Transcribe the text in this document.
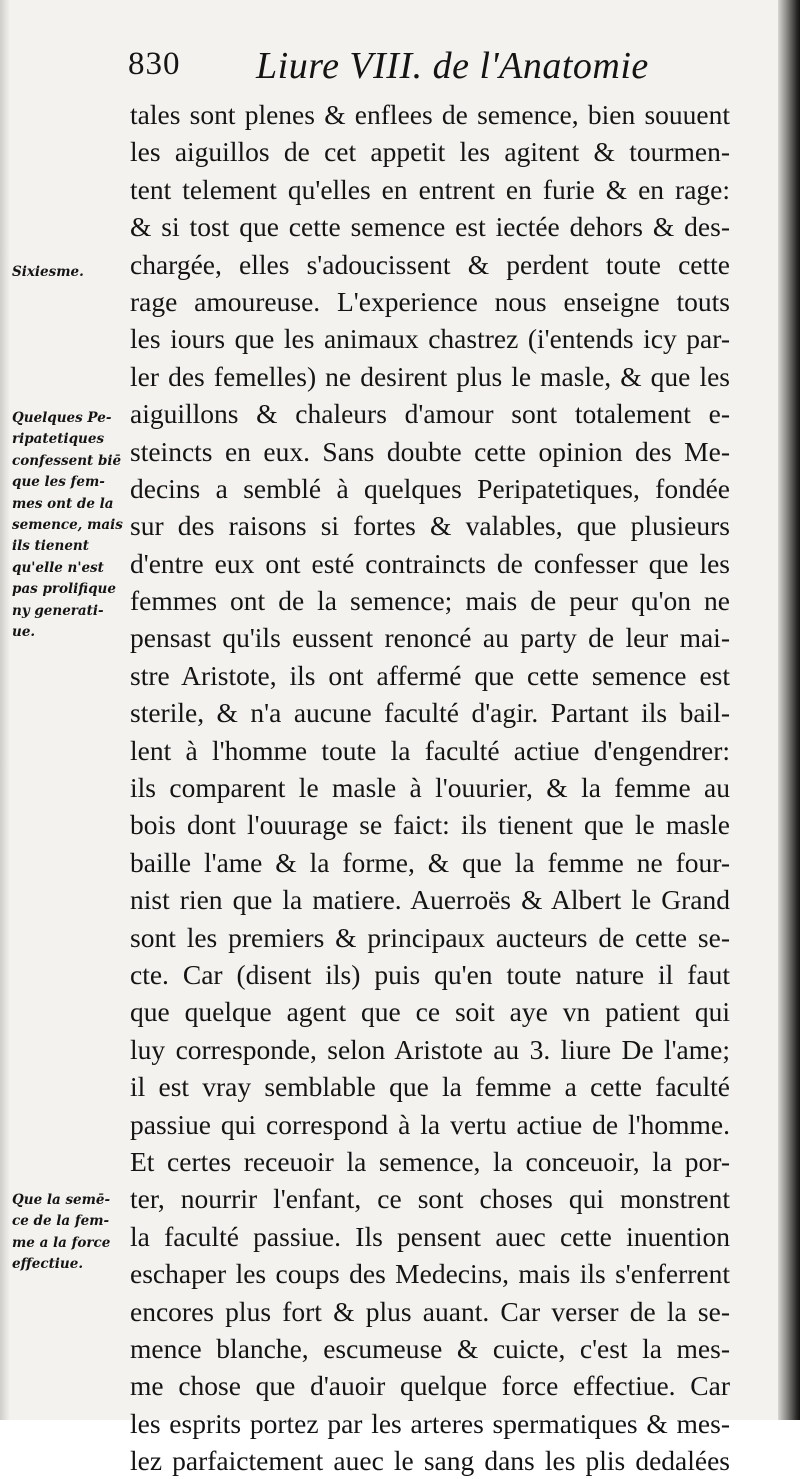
830 Liure VIII. de l'Anatomie
tales sont plenes & enflees de semence, bien souuent
les aiguillos de cet appetit les agitent & tourmen-
tent telement qu'elles en entrent en furie & en rage:
& si tost que cette semence est iectée dehors & des-
chargée, elles s'adoucissent & perdent toute cette
rage amoureuse. L'experience nous enseigne touts
les iours que les animaux chastrez (i'entends icy par-
ler des femelles) ne desirent plus le masle, & que les
aiguillons & chaleurs d'amour sont totalement e-
steincts en eux. Sans doubte cette opinion des Me-
decins a semblé à quelques Peripatetiques, fondée
sur des raisons si fortes & valables, que plusieurs
d'entre eux ont esté contraincts de confesser que les
femmes ont de la semence; mais de peur qu'on ne
pensast qu'ils eussent renoncé au party de leur mai-
stre Aristote, ils ont affermé que cette semence est
sterile, & n'a aucune faculté d'agir. Partant ils bail-
lent à l'homme toute la faculté actiue d'engendrer:
ils comparent le masle à l'ouurier, & la femme au
bois dont l'ouurage se faict: ils tienent que le masle
baille l'ame & la forme, & que la femme ne four-
nist rien que la matiere. Auerroës & Albert le Grand
sont les premiers & principaux aucteurs de cette se-
cte. Car (disent ils) puis qu'en toute nature il faut
que quelque agent que ce soit aye vn patient qui
luy corresponde, selon Aristote au 3. liure De l'ame;
il est vray semblable que la femme a cette faculté
passiue qui correspond à la vertu actiue de l'homme.
Et certes receuoir la semence, la conceuoir, la por-
ter, nourrir l'enfant, ce sont choses qui monstrent
la faculté passiue. Ils pensent auec cette inuention
eschaper les coups des Medecins, mais ils s'enferrent
encores plus fort & plus auant. Car verser de la se-
mence blanche, escumeuse & cuicte, c'est la mes-
me chose que d'auoir quelque force effectiue. Car
les esprits portez par les arteres spermatiques & mes-
lez parfaictement auec le sang dans les plis dedalées
Sixiesme.
Quelques Pe-
ripatetiques
confessent biē
que les fem-
mes ont de la
semence, mais
ils tienent
qu'elle n'est
pas prolifique
ny generati-
ue.
Que la semē-
ce de la fem-
me a la force
effectiue.
